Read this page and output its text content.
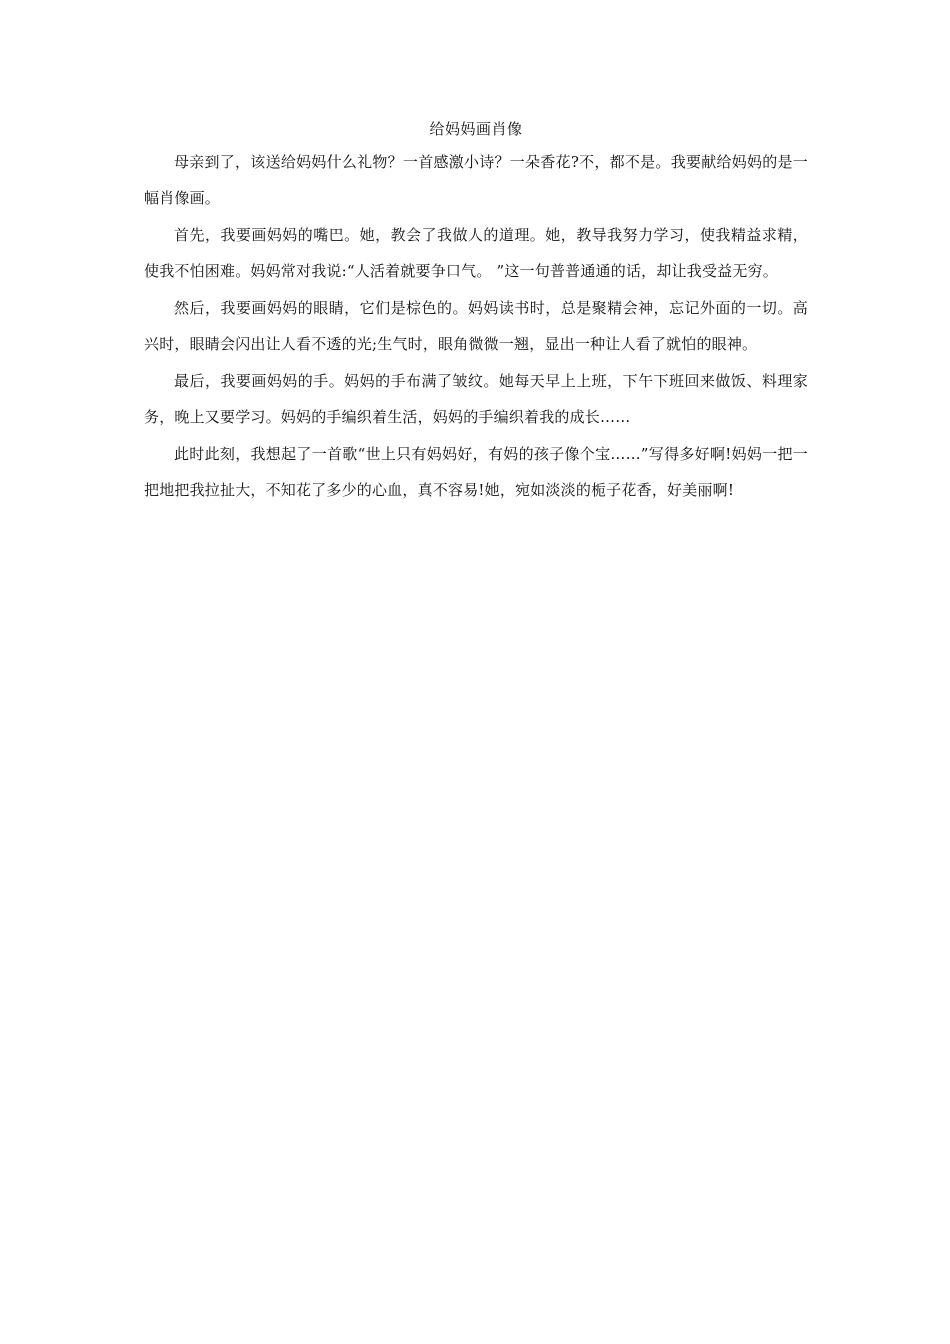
给妈妈画肖像

母亲到了，该送给妈妈什么礼物？一首感激小诗？一朵香花?不，都不是。我要献给妈妈的是一幅肖像画。

首先，我要画妈妈的嘴巴。她，教会了我做人的道理。她，教导我努力学习，使我精益求精，使我不怕困难。妈妈常对我说:“人活着就要争口气。 ”这一句普普通通的话，却让我受益无穷。

然后，我要画妈妈的眼睛，它们是棕色的。妈妈读书时，总是聚精会神，忘记外面的一切。高兴时，眼睛会闪出让人看不透的光;生气时，眼角微微一翘，显出一种让人看了就怕的眼神。

最后，我要画妈妈的手。妈妈的手布满了皱纹。她每天早上上班，下午下班回来做饭、料理家务，晚上又要学习。妈妈的手编织着生活，妈妈的手编织着我的成长……

此时此刻，我想起了一首歌“世上只有妈妈好，有妈的孩子像个宝……”写得多好啊!妈妈一把一把地把我拉扯大，不知花了多少的心血，真不容易!她，宛如淡淡的栀子花香，好美丽啊!
